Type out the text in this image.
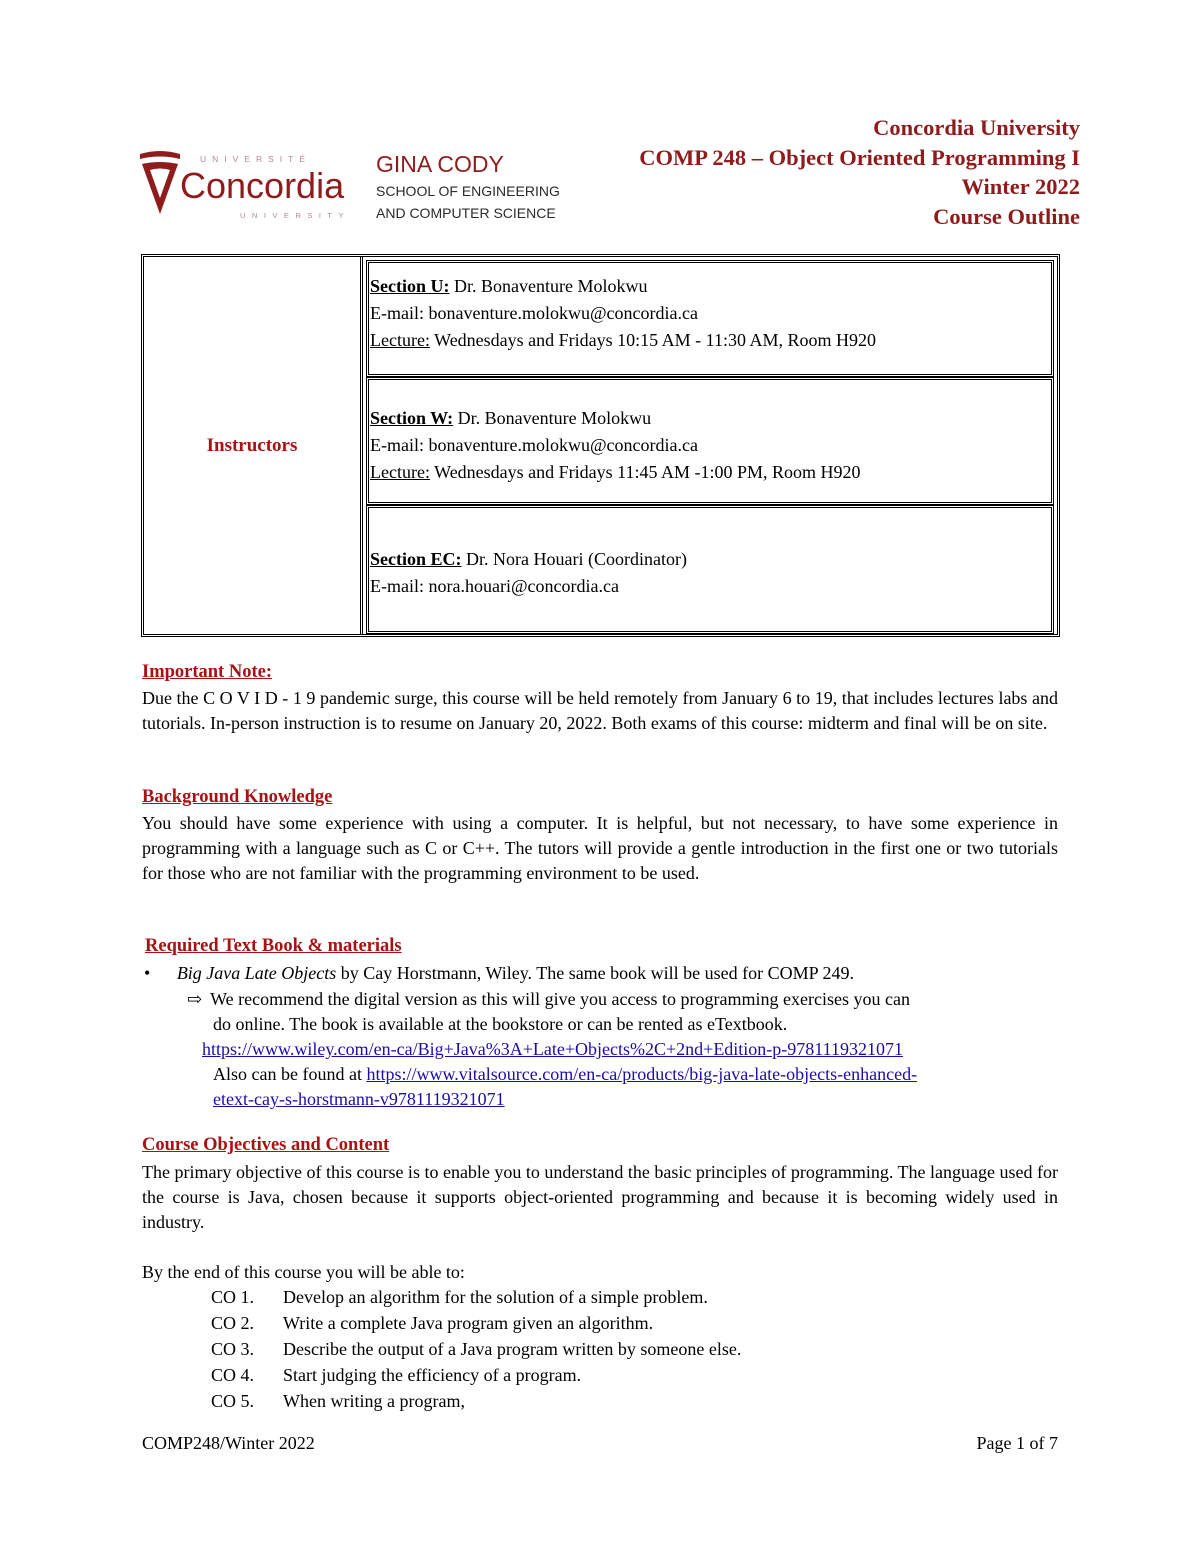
UNIVERSITÉ
Concordia
UNIVERSITY
GINA CODY
SCHOOL OF ENGINEERING
AND COMPUTER SCIENCE
Concordia University
COMP 248 – Object Oriented Programming I
Winter 2022
Course Outline
Instructors
Section U: Dr. Bonaventure Molokwu
E-mail: bonaventure.molokwu@concordia.ca
Lecture: Wednesdays and Fridays 10:15 AM - 11:30 AM, Room H920
Section W: Dr. Bonaventure Molokwu
E-mail: bonaventure.molokwu@concordia.ca
Lecture: Wednesdays and Fridays 11:45 AM -1:00 PM, Room H920
Section EC: Dr. Nora Houari (Coordinator)
E-mail: nora.houari@concordia.ca
Important Note:
Due the C O V I D - 1 9 pandemic surge, this course will be held remotely from January 6 to 19, that includes lectures labs and tutorials. In-person instruction is to resume on January 20, 2022. Both exams of this course: midterm and final will be on site.
Background Knowledge
You should have some experience with using a computer. It is helpful, but not necessary, to have some experience in programming with a language such as C or C++. The tutors will provide a gentle introduction in the first one or two tutorials for those who are not familiar with the programming environment to be used.
Required Text Book & materials
• Big Java Late Objects by Cay Horstmann, Wiley. The same book will be used for COMP 249.
⇨ We recommend the digital version as this will give you access to programming exercises you can
do online. The book is available at the bookstore or can be rented as eTextbook.
https://www.wiley.com/en-ca/Big+Java%3A+Late+Objects%2C+2nd+Edition-p-9781119321071
Also can be found at https://www.vitalsource.com/en-ca/products/big-java-late-objects-enhanced-
etext-cay-s-horstmann-v9781119321071
Course Objectives and Content
The primary objective of this course is to enable you to understand the basic principles of programming. The language used for the course is Java, chosen because it supports object-oriented programming and because it is becoming widely used in industry.
By the end of this course you will be able to:
CO 1.	Develop an algorithm for the solution of a simple problem.
CO 2.	Write a complete Java program given an algorithm.
CO 3.	Describe the output of a Java program written by someone else.
CO 4.	Start judging the efficiency of a program.
CO 5.	When writing a program,
COMP248/Winter 2022	Page 1 of 7
